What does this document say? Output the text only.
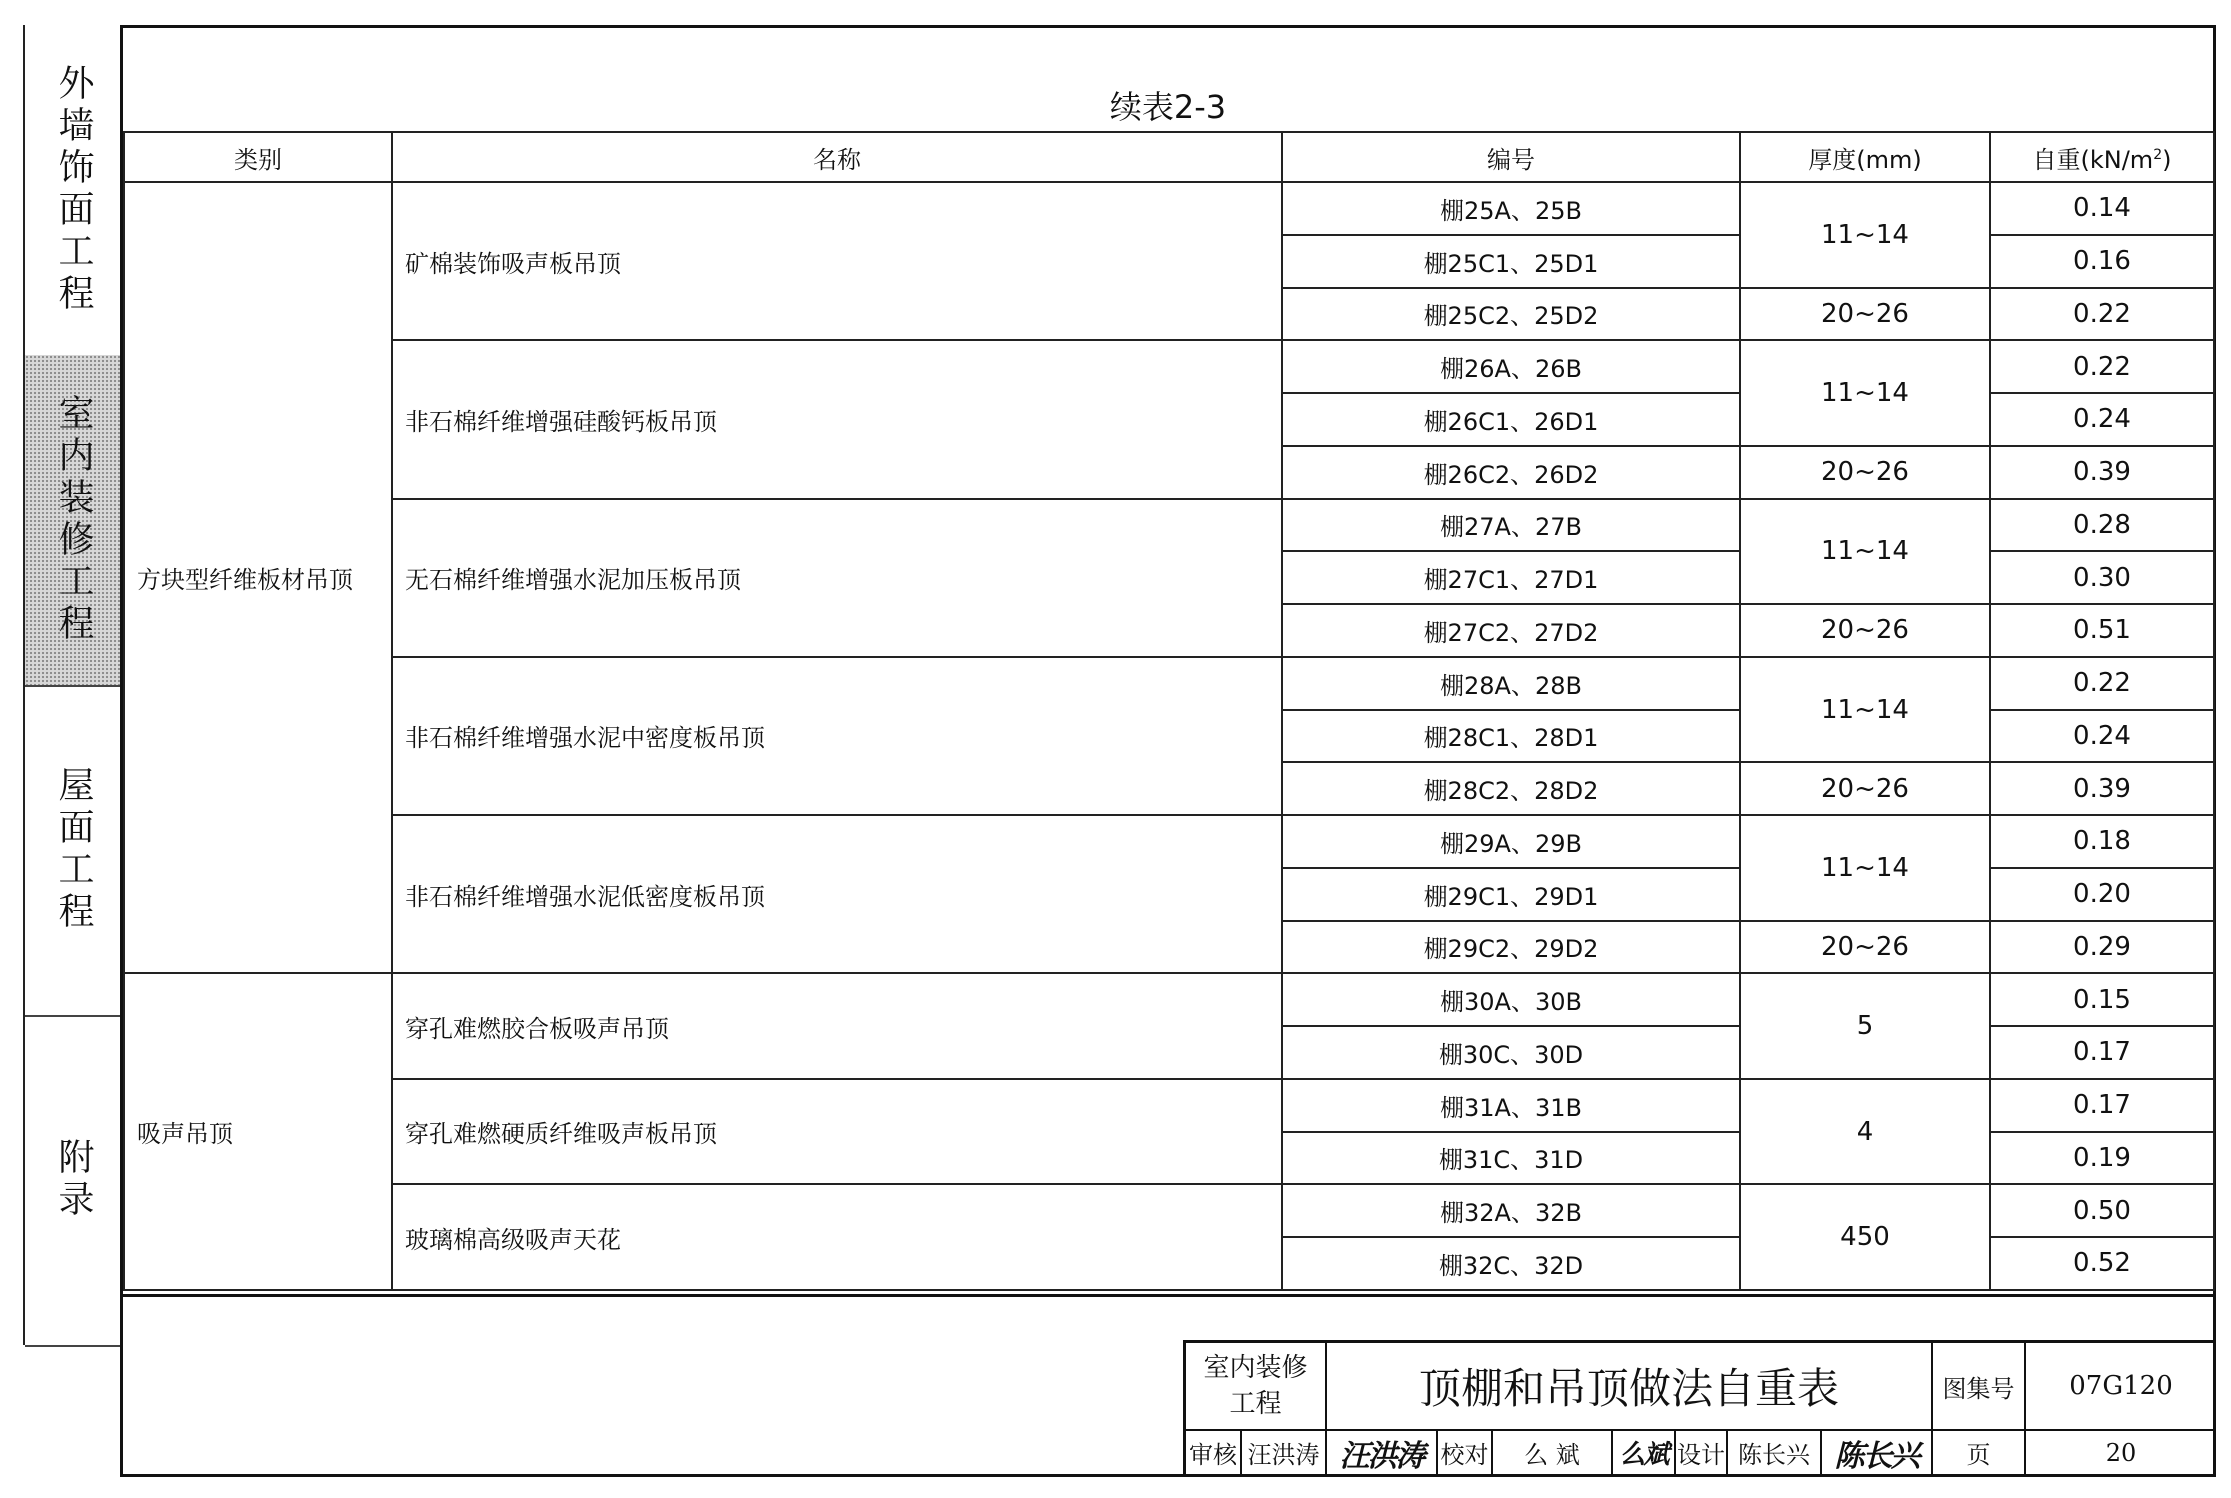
外墙饰面工程
室内装修工程
屋面工程
附录
续表2-3
类别	名称	编号	厚度(mm)	自重$(kN/m^2)$
方块型纤维板材吊顶	矿棉装饰吸声板吊顶	棚25A、25B	11~14	0.14
		棚25C1、25D1		0.16
		棚25C2、25D2	20~26	0.22
	非石棉纤维增强硅酸钙板吊顶	棚26A、26B	11~14	0.22
		棚26C1、26D1		0.24
		棚26C2、26D2	20~26	0.39
	无石棉纤维增强水泥加压板吊顶	棚27A、27B	11~14	0.28
		棚27C1、27D1		0.30
		棚27C2、27D2	20~26	0.51
	非石棉纤维增强水泥中密度板吊顶	棚28A、28B	11~14	0.22
		棚28C1、28D1		0.24
		棚28C2、28D2	20~26	0.39
	非石棉纤维增强水泥低密度板吊顶	棚29A、29B	11~14	0.18
		棚29C1、29D1		0.20
		棚29C2、29D2	20~26	0.29
吸声吊顶	穿孔难燃胶合板吸声吊顶	棚30A、30B	5	0.15
		棚30C、30D		0.17
	穿孔难燃硬质纤维吸声板吊顶	棚31A、31B	4	0.17
		棚31C、31D		0.19
	玻璃棉高级吸声天花	棚32A、32B	450	0.50
		棚32C、32D		0.52
室内装修工程	顶棚和吊顶做法自重表	图集号	07G120
审核 汪洪涛 汪洪涛 校对	么 斌	么斌 设计 陈长兴 陈长兴	页	20
